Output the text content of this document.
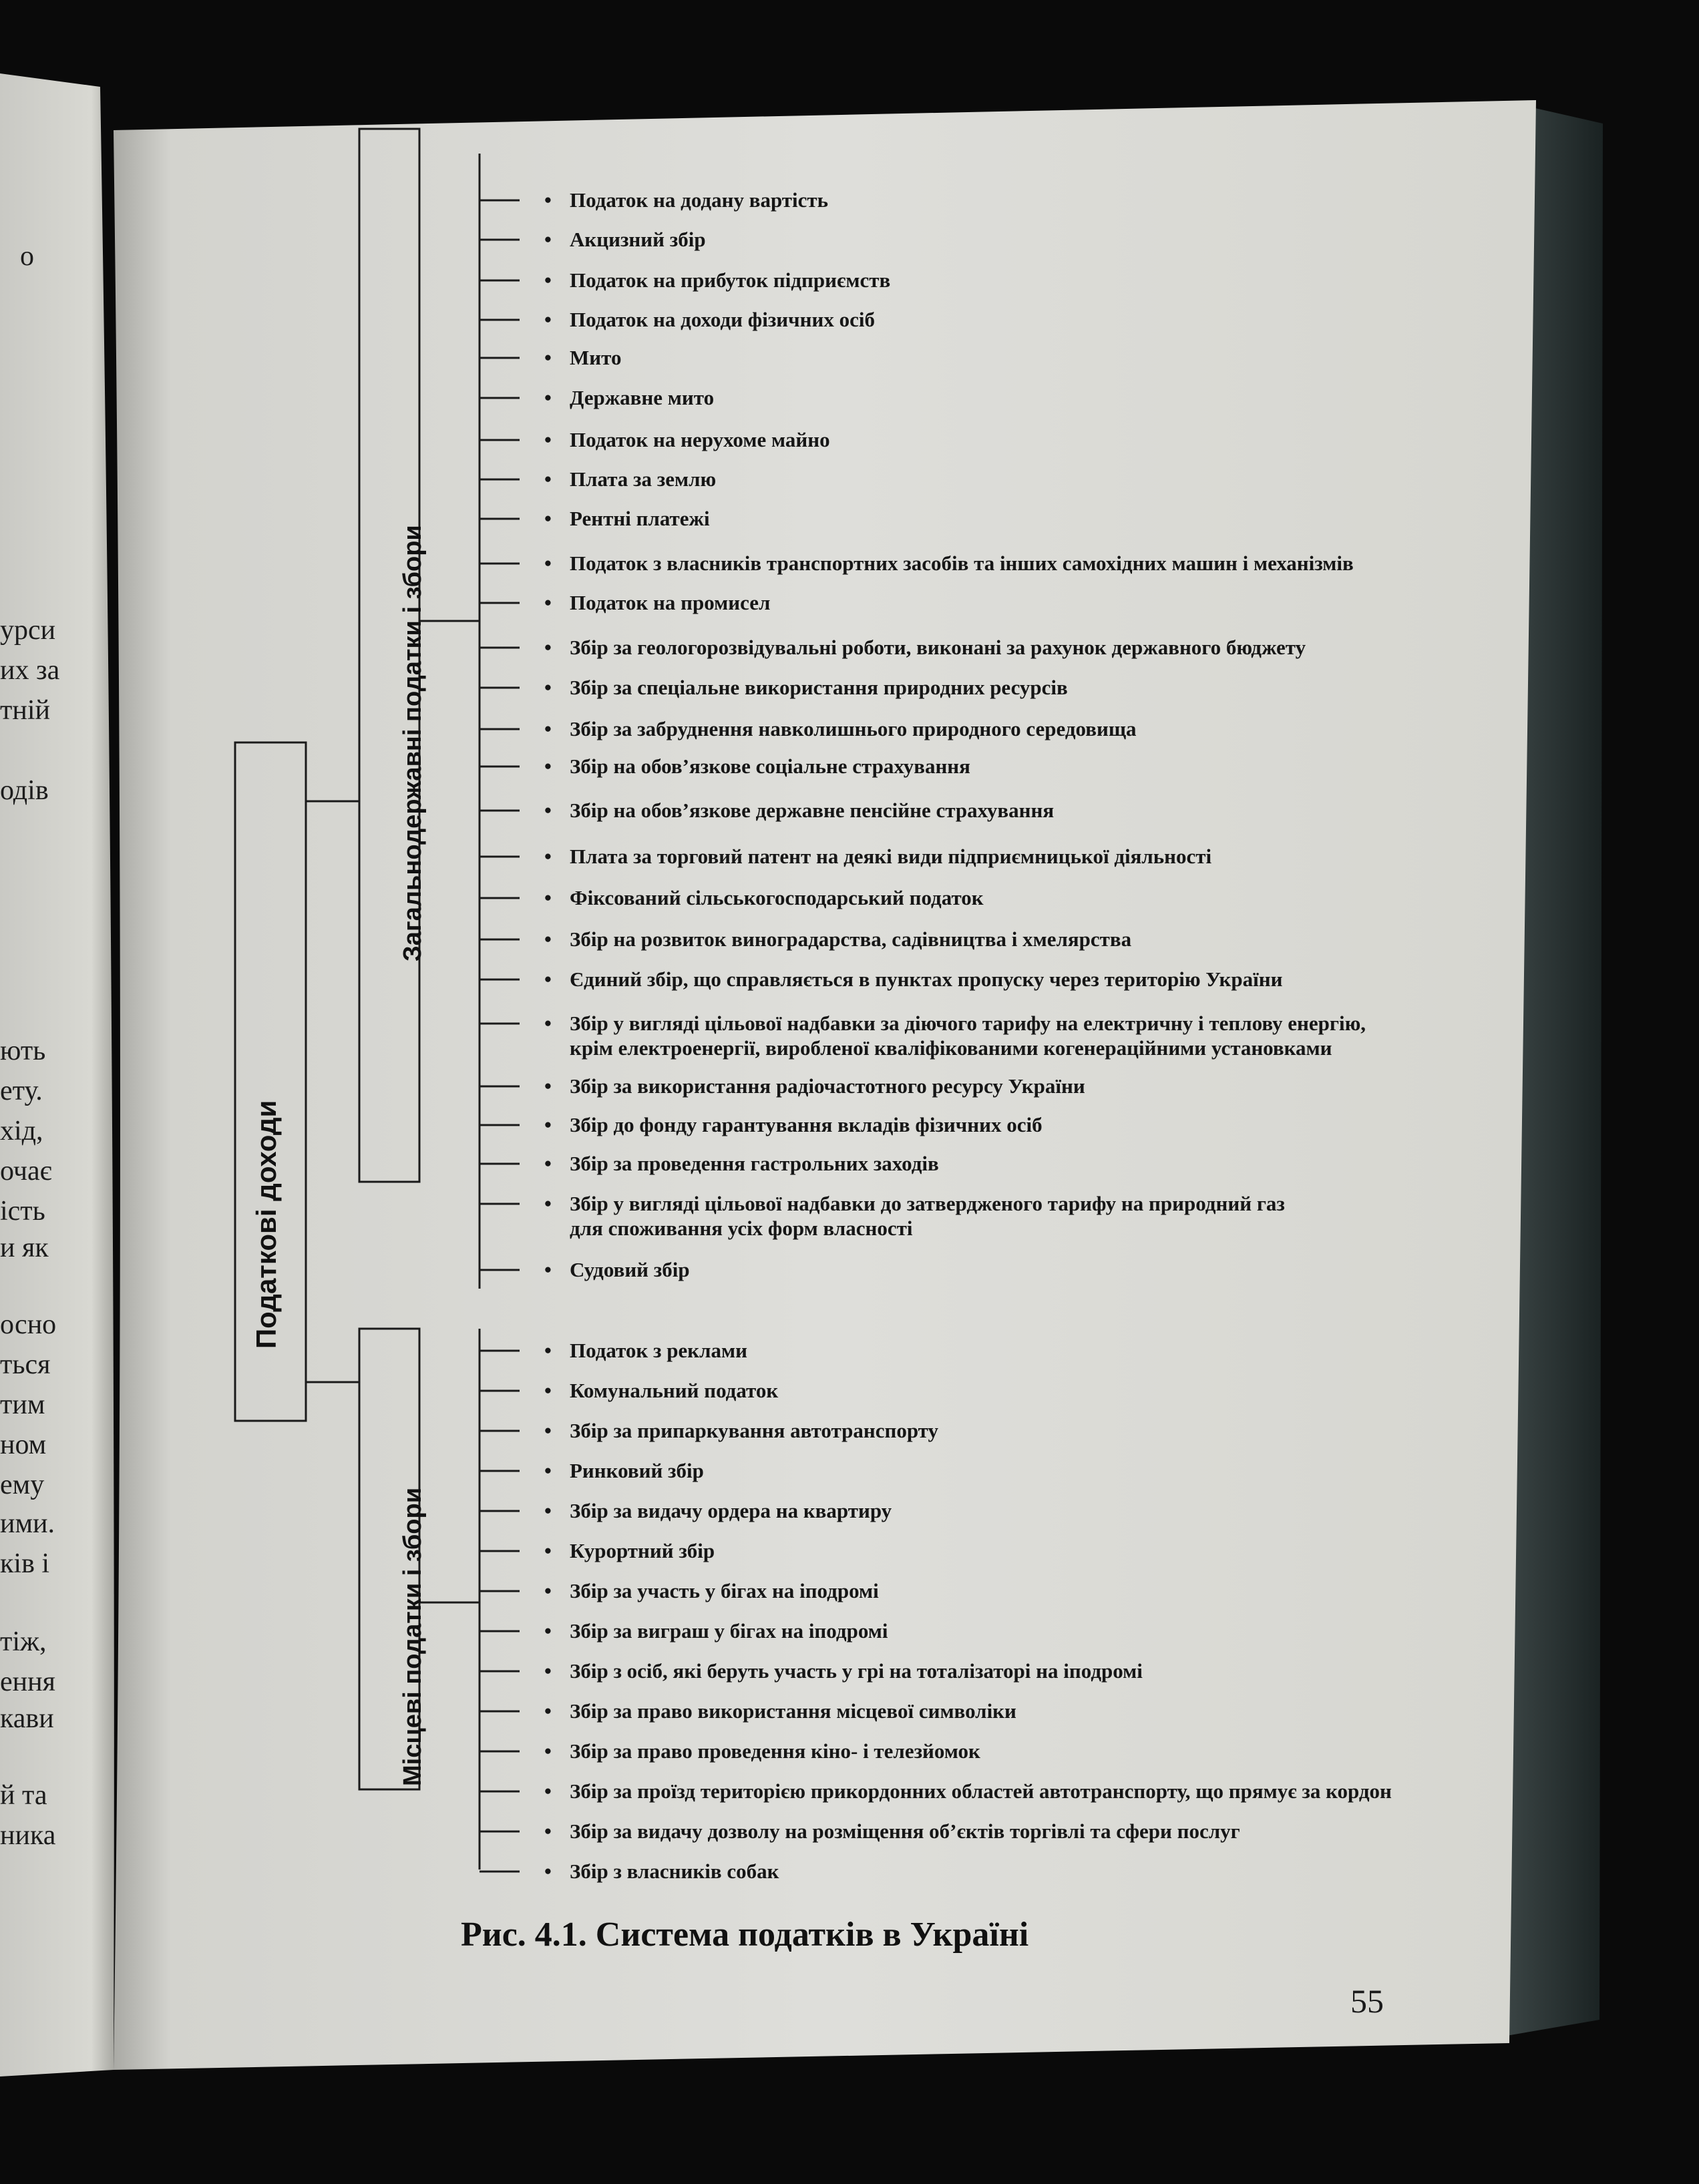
о
урси
их за
тній
одів
ють
ету.
хід,
очає
ість
и як
осно
ться
тим
ном
ему
ими.
ків і
тіж,
ення
кави
й та
ника
Податкові доходи
Загальнодержавні податки і збори
Місцеві податки і збори
• Податок на додану вартість
• Акцизний збір
• Податок на прибуток підприємств
• Податок на доходи фізичних осіб
• Мито
• Державне мито
• Податок на нерухоме майно
• Плата за землю
• Рентні платежі
• Податок з власників транспортних засобів та інших самохідних машин і механізмів
• Податок на промисел
• Збір за геологорозвідувальні роботи, виконані за рахунок державного бюджету
• Збір за спеціальне використання природних ресурсів
• Збір за забруднення навколишнього природного середовища
• Збір на обов’язкове соціальне страхування
• Збір на обов’язкове державне пенсійне страхування
• Плата за торговий патент на деякі види підприємницької діяльності
• Фіксований сільськогосподарський податок
• Збір на розвиток виноградарства, садівництва і хмелярства
• Єдиний збір, що справляється в пунктах пропуску через територію України
• Збір у вигляді цільової надбавки за діючого тарифу на електричну і теплову енергію,
крім електроенергії, виробленої кваліфікованими когенераційними установками
• Збір за використання радіочастотного ресурсу України
• Збір до фонду гарантування вкладів фізичних осіб
• Збір за проведення гастрольних заходів
• Збір у вигляді цільової надбавки до затвердженого тарифу на природний газ
для споживання усіх форм власності
• Судовий збір
• Податок з реклами
• Комунальний податок
• Збір за припаркування автотранспорту
• Ринковий збір
• Збір за видачу ордера на квартиру
• Курортний збір
• Збір за участь у бігах на іподромі
• Збір за виграш у бігах на іподромі
• Збір з осіб, які беруть участь у грі на тоталізаторі на іподромі
• Збір за право використання місцевої символіки
• Збір за право проведення кіно- і телезйомок
• Збір за проїзд територією прикордонних областей автотранспорту, що прямує за кордон
• Збір за видачу дозволу на розміщення об’єктів торгівлі та сфери послуг
• Збір з власників собак
Рис. 4.1. Система податків в Україні
55
